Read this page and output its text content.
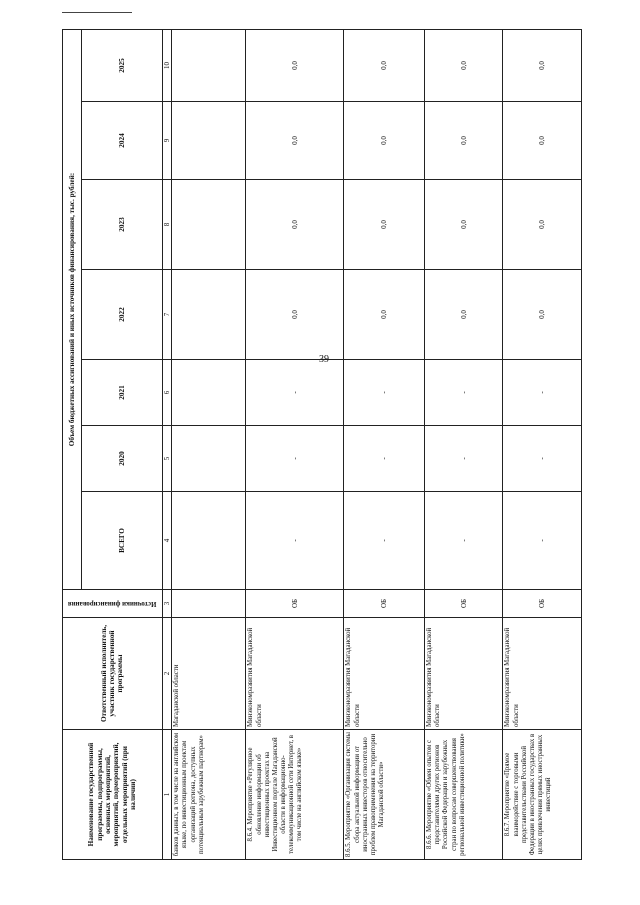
39
Наименование государственной программы, подпрограммы, основных мероприятий, мероприятий, подмероприятий, отдельных мероприятий (при наличии)	Ответственный исполнитель, участник государственной программы	Источники финансирования	Объем бюджетных ассигнований и иных источников финансирования, тыс. рублей:						
			ВСЕГО	2020	2021	2022	2023	2024	2025
1	2	3	4	5	6	7	8	9	10
банков данных, в том числе на английском языке, по инвестиционным проектам организаций региона, доступных потенциальным зарубежным партнерам»	Магаданской области								
8.6.4. Мероприятие «Регулярное обновление информации об инвестиционных проектах на Инвестиционном портале Магаданской области в информационно-телекоммуникационной сети Интернет, в том числе на английском языке»	Минэкономразвития Магаданской области	ОБ	-	-	-	0,0	0,0	0,0	0,0
8.6.5. Мероприятие «Организация системы сбора актуальной информации от иностранных инвесторов относительно проблем правоприменения на территории Магаданской области»	Минэкономразвития Магаданской области	ОБ	-	-	-	0,0	0,0	0,0	0,0
8.6.6. Мероприятие «Обмен опытом с представителями других регионов Российской Федерации и зарубежных стран по вопросам совершенствования региональной инвестиционной политики»	Минэкономразвития Магаданской области	ОБ	-	-	-	0,0	0,0	0,0	0,0
8.6.7. Мероприятие «Прямое взаимодействие с торговыми представительствами Российской Федерации в иностранных государствах в целях привлечения прямых иностранных инвестиций	Минэкономразвития Магаданской области	ОБ	-	-	-	0,0	0,0	0,0	0,0
